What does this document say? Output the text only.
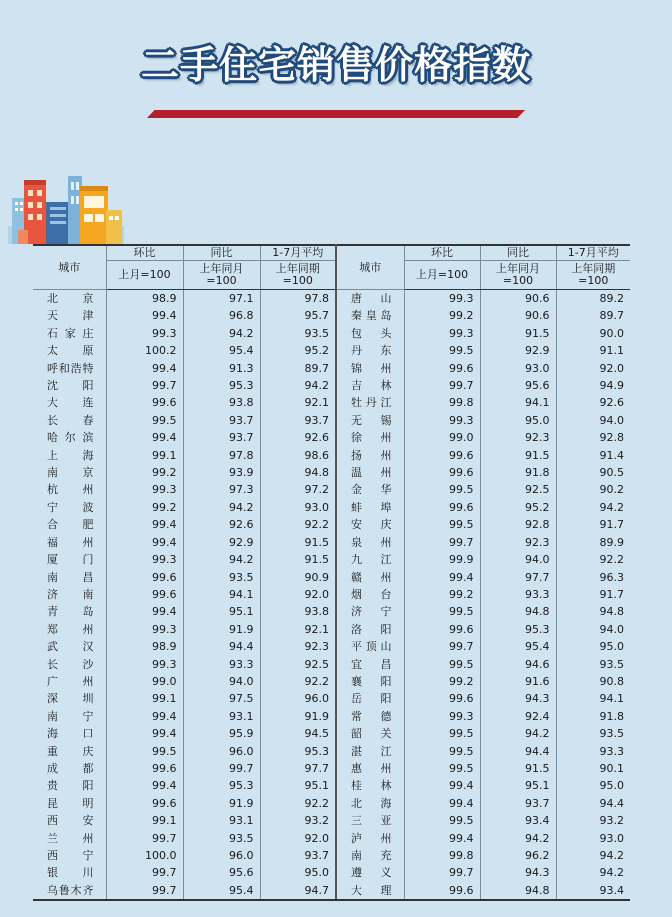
二手住宅销售价格指数
城市	环比	同比	1-7月平均	城市	环比	同比	1-7月平均
	上月=100	上年同月=100	上年同期=100		上月=100	上年同月=100	上年同期=100
北京	98.9	97.1	97.8	唐山	99.3	90.6	89.2
天津	99.4	96.8	95.7	秦皇岛	99.2	90.6	89.7
石家庄	99.3	94.2	93.5	包头	99.3	91.5	90.0
太原	100.2	95.4	95.2	丹东	99.5	92.9	91.1
呼和浩特	99.4	91.3	89.7	锦州	99.6	93.0	92.0
沈阳	99.7	95.3	94.2	吉林	99.7	95.6	94.9
大连	99.6	93.8	92.1	牡丹江	99.8	94.1	92.6
长春	99.5	93.7	93.7	无锡	99.3	95.0	94.0
哈尔滨	99.4	93.7	92.6	徐州	99.0	92.3	92.8
上海	99.1	97.8	98.6	扬州	99.6	91.5	91.4
南京	99.2	93.9	94.8	温州	99.6	91.8	90.5
杭州	99.3	97.3	97.2	金华	99.5	92.5	90.2
宁波	99.2	94.2	93.0	蚌埠	99.6	95.2	94.2
合肥	99.4	92.6	92.2	安庆	99.5	92.8	91.7
福州	99.4	92.9	91.5	泉州	99.7	92.3	89.9
厦门	99.3	94.2	91.5	九江	99.9	94.0	92.2
南昌	99.6	93.5	90.9	赣州	99.4	97.7	96.3
济南	99.6	94.1	92.0	烟台	99.2	93.3	91.7
青岛	99.4	95.1	93.8	济宁	99.5	94.8	94.8
郑州	99.3	91.9	92.1	洛阳	99.6	95.3	94.0
武汉	98.9	94.4	92.3	平顶山	99.7	95.4	95.0
长沙	99.3	93.3	92.5	宜昌	99.5	94.6	93.5
广州	99.0	94.0	92.2	襄阳	99.2	91.6	90.8
深圳	99.1	97.5	96.0	岳阳	99.6	94.3	94.1
南宁	99.4	93.1	91.9	常德	99.3	92.4	91.8
海口	99.4	95.9	94.5	韶关	99.5	94.2	93.5
重庆	99.5	96.0	95.3	湛江	99.5	94.4	93.3
成都	99.6	99.7	97.7	惠州	99.5	91.5	90.1
贵阳	99.4	95.3	95.1	桂林	99.4	95.1	95.0
昆明	99.6	91.9	92.2	北海	99.4	93.7	94.4
西安	99.1	93.1	93.2	三亚	99.5	93.4	93.2
兰州	99.7	93.5	92.0	泸州	99.4	94.2	93.0
西宁	100.0	96.0	93.7	南充	99.8	96.2	94.2
银川	99.7	95.6	95.0	遵义	99.7	94.3	94.2
乌鲁木齐	99.7	95.4	94.7	大理	99.6	94.8	93.4
